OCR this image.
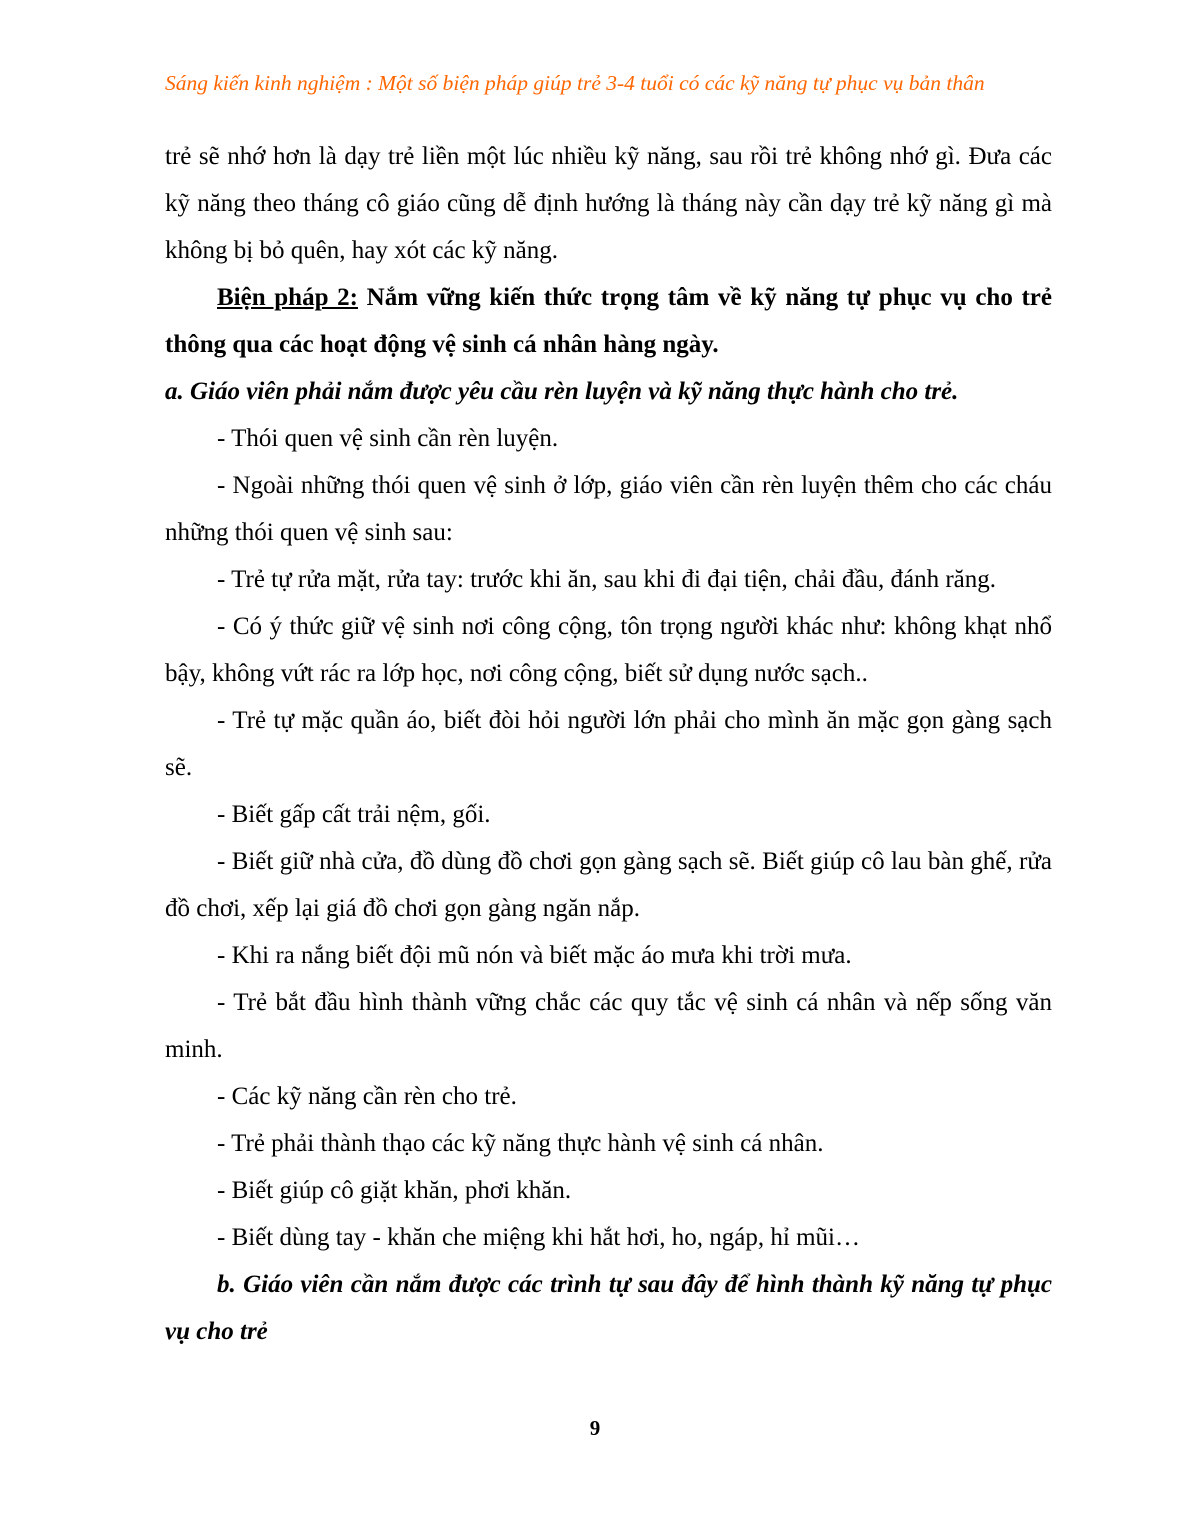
Sáng kiến kinh nghiệm : Một số biện pháp giúp trẻ 3-4 tuổi có các kỹ năng tự phục vụ bản thân

trẻ sẽ nhớ hơn là dạy trẻ liền một lúc nhiều kỹ năng, sau rồi trẻ không nhớ gì. Đưa các kỹ năng theo tháng cô giáo cũng dễ định hướng là tháng này cần dạy trẻ kỹ năng gì mà không bị bỏ quên, hay xót các kỹ năng.

Biện pháp 2: Nắm vững kiến thức trọng tâm về kỹ năng tự phục vụ cho trẻ thông qua các hoạt động vệ sinh cá nhân hàng ngày.

a. Giáo viên phải nắm được yêu cầu rèn luyện và kỹ năng thực hành cho trẻ.

- Thói quen vệ sinh cần rèn luyện.

- Ngoài những thói quen vệ sinh ở lớp, giáo viên cần rèn luyện thêm cho các cháu những thói quen vệ sinh sau:

- Trẻ tự rửa mặt, rửa tay: trước khi ăn, sau khi đi đại tiện, chải đầu, đánh răng.

- Có ý thức giữ vệ sinh nơi công cộng, tôn trọng người khác như: không khạt nhổ bậy, không vứt rác ra lớp học, nơi công cộng, biết sử dụng nước sạch..

- Trẻ tự mặc quần áo, biết đòi hỏi người lớn phải cho mình ăn mặc gọn gàng sạch sẽ.

- Biết gấp cất trải nệm, gối.

- Biết giữ nhà cửa, đồ dùng đồ chơi gọn gàng sạch sẽ. Biết giúp cô lau bàn ghế, rửa đồ chơi, xếp lại giá đồ chơi gọn gàng ngăn nắp.

- Khi ra nắng biết đội mũ nón và biết mặc áo mưa khi trời mưa.

- Trẻ bắt đầu hình thành vững chắc các quy tắc vệ sinh cá nhân và nếp sống văn minh.

- Các kỹ năng cần rèn cho trẻ.

- Trẻ phải thành thạo các kỹ năng thực hành vệ sinh cá nhân.

- Biết giúp cô giặt khăn, phơi khăn.

- Biết dùng tay - khăn che miệng khi hắt hơi, ho, ngáp, hỉ mũi…

b. Giáo viên cần nắm được các trình tự sau đây để hình thành kỹ năng tự phục vụ cho trẻ

9
